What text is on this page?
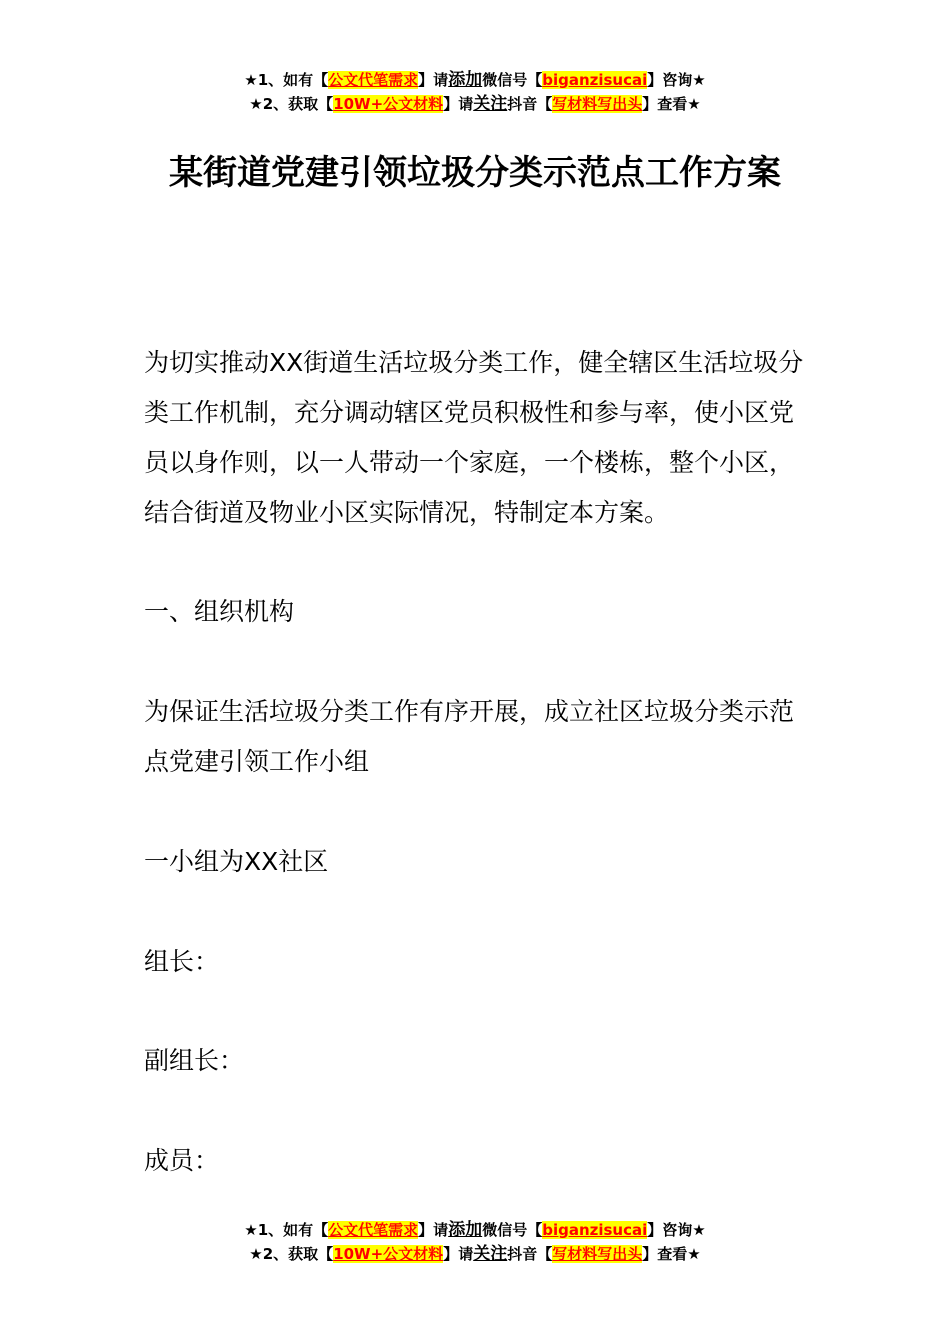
★1、如有【公文代笔需求】请添加微信号【biganzisucai】咨询★
★2、获取【10W+公文材料】请关注抖音【写材料写出头】查看★
某街道党建引领垃圾分类示范点工作方案

为切实推动XX街道生活垃圾分类工作，健全辖区生活垃圾分类工作机制，充分调动辖区党员积极性和参与率，使小区党员以身作则，以一人带动一个家庭，一个楼栋，整个小区，结合街道及物业小区实际情况，特制定本方案。

一、组织机构

为保证生活垃圾分类工作有序开展，成立社区垃圾分类示范点党建引领工作小组

一小组为XX社区

组长：

副组长：

成员：

★1、如有【公文代笔需求】请添加微信号【biganzisucai】咨询★
★2、获取【10W+公文材料】请关注抖音【写材料写出头】查看★
